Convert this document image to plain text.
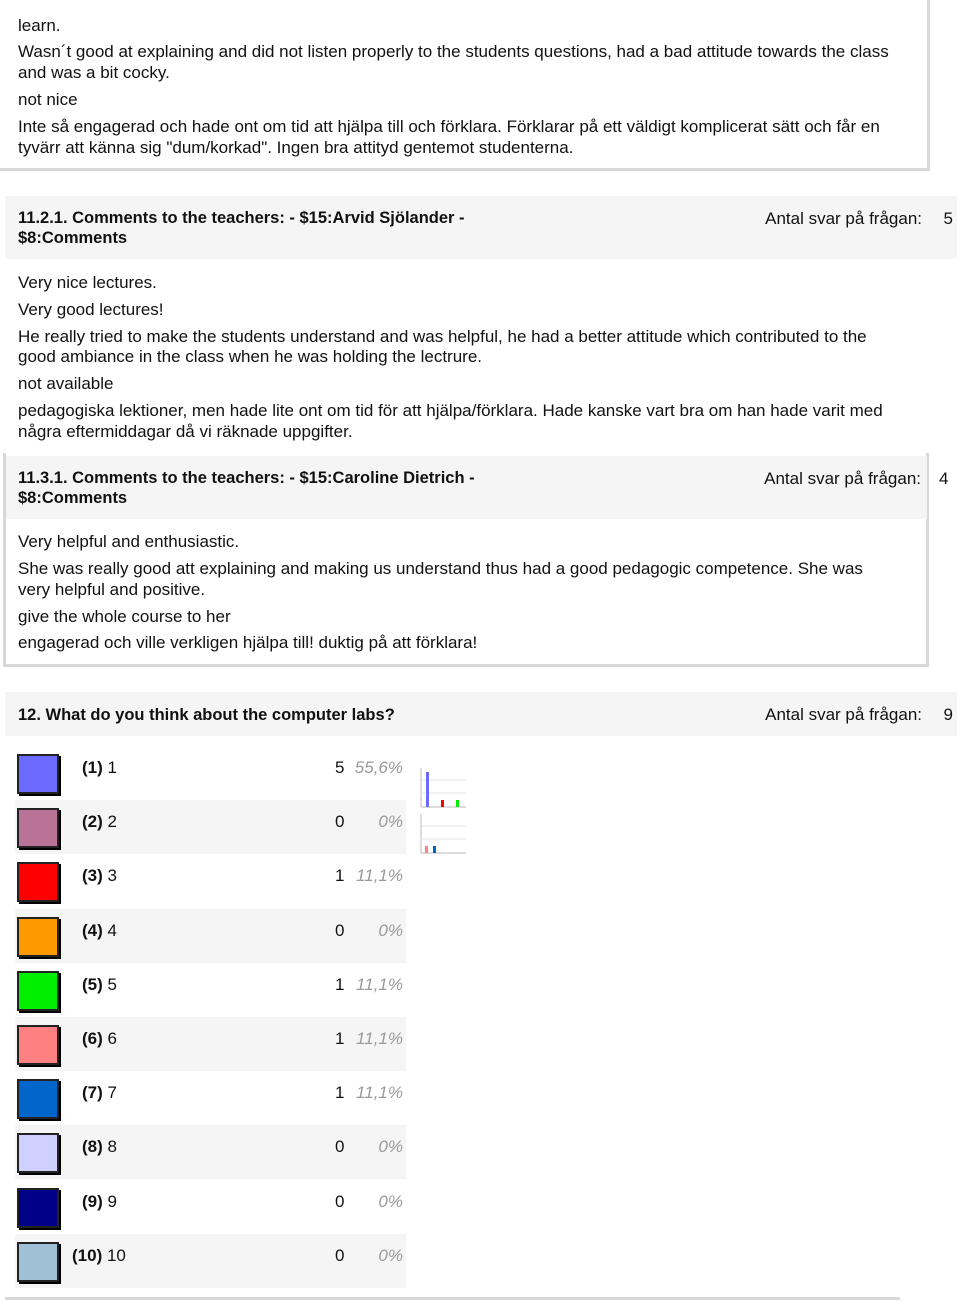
learn.
Wasn´t good at explaining and did not listen properly to the students questions, had a bad attitude towards the class
and was a bit cocky.
not nice
Inte så engagerad och hade ont om tid att hjälpa till och förklara. Förklarar på ett väldigt komplicerat sätt och får en
tyvärr att känna sig "dum/korkad". Ingen bra attityd gentemot studenterna.
11.2.1. Comments to the teachers: - $15:Arvid Sjölander - $8:Comments
Antal svar på frågan: 5
Very nice lectures.
Very good lectures!
He really tried to make the students understand and was helpful, he had a better attitude which contributed to the
good ambiance in the class when he was holding the lectrure.
not available
pedagogiska lektioner, men hade lite ont om tid för att hjälpa/förklara. Hade kanske vart bra om han hade varit med
några eftermiddagar då vi räknade uppgifter.
11.3.1. Comments to the teachers: - $15:Caroline Dietrich - $8:Comments
Antal svar på frågan: 4
Very helpful and enthusiastic.
She was really good att explaining and making us understand thus had a good pedagogic competence. She was
very helpful and positive.
give the whole course to her
engagerad och ville verkligen hjälpa till! duktig på att förklara!
12. What do you think about the computer labs?	Antal svar på frågan: 9
(1) 1	5 55,6%
(2) 2	0 0%
(3) 3	1 11,1%
(4) 4	0 0%
(5) 5	1 11,1%
(6) 6	1 11,1%
(7) 7	1 11,1%
(8) 8	0 0%
(9) 9	0 0%
(10) 10	0 0%
